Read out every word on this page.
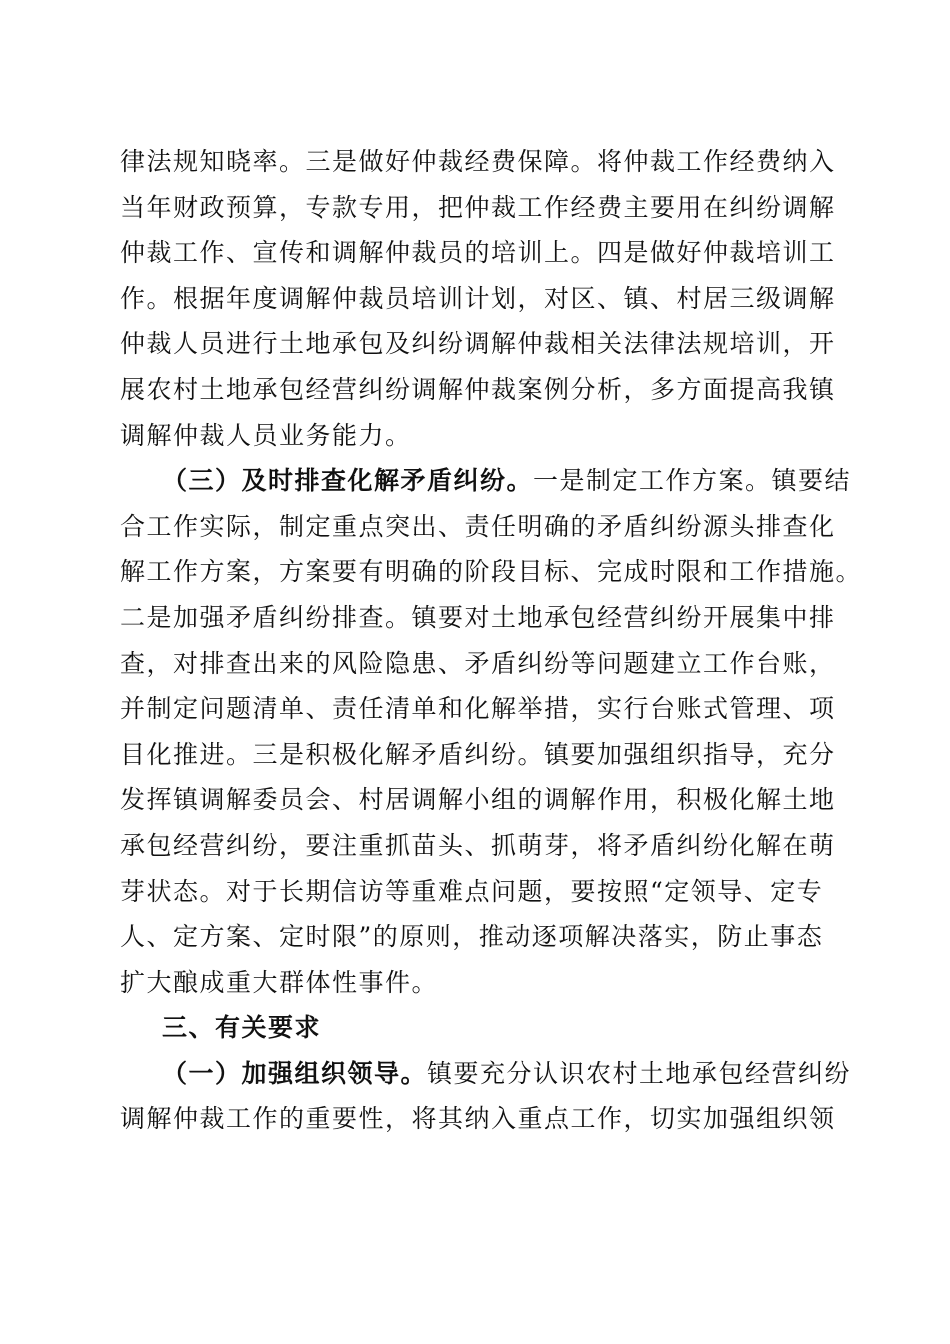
律法规知晓率。三是做好仲裁经费保障。将仲裁工作经费纳入
当年财政预算，专款专用，把仲裁工作经费主要用在纠纷调解
仲裁工作、宣传和调解仲裁员的培训上。四是做好仲裁培训工
作。根据年度调解仲裁员培训计划，对区、镇、村居三级调解
仲裁人员进行土地承包及纠纷调解仲裁相关法律法规培训，开
展农村土地承包经营纠纷调解仲裁案例分析，多方面提高我镇
调解仲裁人员业务能力。
（三）及时排查化解矛盾纠纷。一是制定工作方案。镇要结
合工作实际，制定重点突出、责任明确的矛盾纠纷源头排查化
解工作方案，方案要有明确的阶段目标、完成时限和工作措施。
二是加强矛盾纠纷排查。镇要对土地承包经营纠纷开展集中排
查，对排查出来的风险隐患、矛盾纠纷等问题建立工作台账，
并制定问题清单、责任清单和化解举措，实行台账式管理、项
目化推进。三是积极化解矛盾纠纷。镇要加强组织指导，充分
发挥镇调解委员会、村居调解小组的调解作用，积极化解土地
承包经营纠纷，要注重抓苗头、抓萌芽，将矛盾纠纷化解在萌
芽状态。对于长期信访等重难点问题，要按照“定领导、定专
人、定方案、定时限”的原则，推动逐项解决落实，防止事态
扩大酿成重大群体性事件。
三、有关要求
（一）加强组织领导。镇要充分认识农村土地承包经营纠纷
调解仲裁工作的重要性，将其纳入重点工作，切实加强组织领
